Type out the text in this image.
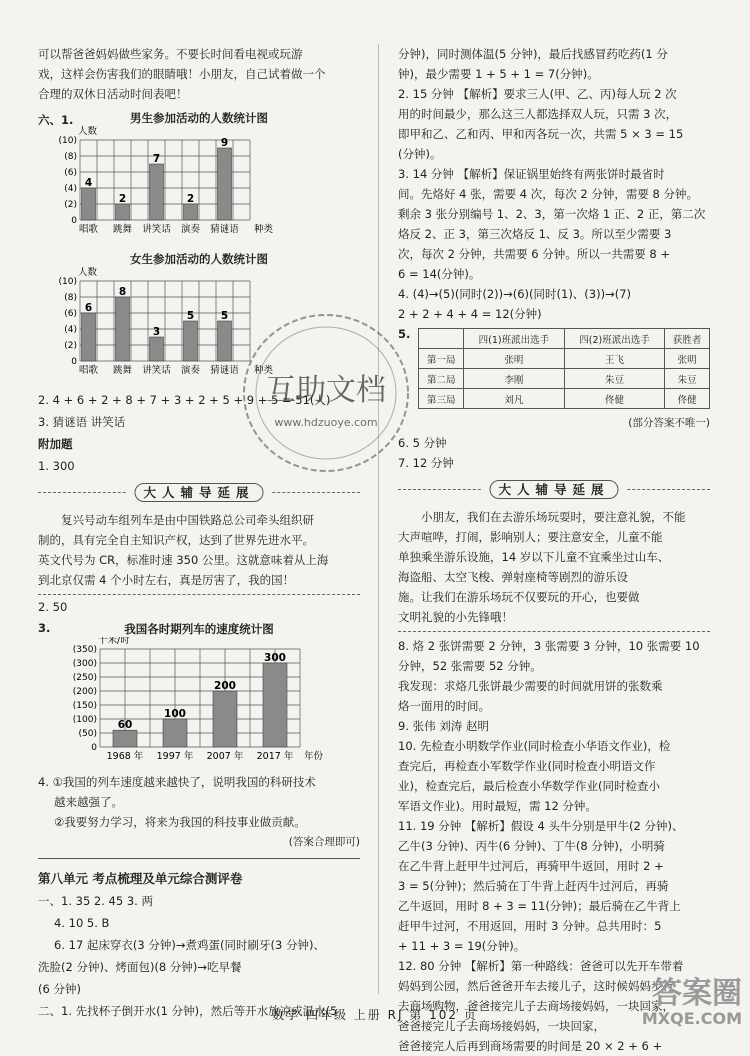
可以帮爸爸妈妈做些家务。不要长时间看电视或玩游

戏，这样会伤害我们的眼睛哦！小朋友，自己试着做一个

合理的双休日活动时间表吧！

六、1.	男生参加活动的人数统计图
人数
(10)
(8)
(6)
(4)
(2)
0
4
唱歌
2
跳舞
7
讲笑话
2
演奏
9
猜谜语 种类
女生参加活动的人数统计图
人数
(10)
(8)
(6)
(4)
(2)
0
6
唱歌
8
跳舞
3
讲笑话
5
演奏
5
猜谜语 种类

2. 4 + 6 + 2 + 8 + 7 + 3 + 2 + 5 + 9 + 5 = 51(人)

3. 猜谜语 讲笑话

附加题

1. 300

大人辅导延展

复兴号动车组列车是由中国铁路总公司牵头组织研

制的，具有完全自主知识产权，达到了世界先进水平。

英文代号为 CR，标准时速 350 公里。这就意味着从上海

到北京仅需 4 个小时左右，真是厉害了，我的国！

2. 50

3.	我国各时期列车的速度统计图
千米/时
(350)
(300)
(250)
(200)
(150)
(100)
(50)
0
60
1968 年
100
1997 年
200
2007 年
300
2017 年 年份

4. ①我国的列车速度越来越快了，说明我国的科研技术

越来越强了。

②我要努力学习，将来为我国的科技事业做贡献。

(答案合理即可)

第八单元 考点梳理及单元综合测评卷

一、1. 35 2. 45 3. 两

4. 10 5. B

6. 17 起床穿衣(3 分钟)→煮鸡蛋(同时刷牙(3 分钟)、

洗脸(2 分钟)、烤面包)(8 分钟)→吃早餐

(6 分钟)

二、1. 先找杯子倒开水(1 分钟)，然后等开水放凉成温水(5

分钟)，同时测体温(5 分钟)，最后找感冒药吃药(1 分

钟)，最少需要 1 + 5 + 1 = 7(分钟)。

2. 15 分钟 【解析】要求三人(甲、乙、丙)每人玩 2 次

用的时间最少，那么这三人都选择双人玩，只需 3 次，

即甲和乙、乙和丙、甲和丙各玩一次，共需 5 × 3 = 15

(分钟)。

3. 14 分钟 【解析】保证锅里始终有两张饼时最省时

间。先烙好 4 张，需要 4 次，每次 2 分钟，需要 8 分钟。

剩余 3 张分别编号 1、2、3，第一次烙 1 正、2 正，第二次

烙反 2、正 3，第三次烙反 1、反 3。所以至少需要 3

次，每次 2 分钟，共需要 6 分钟。所以一共需要 8 +

6 = 14(分钟)。

4. (4)→(5)(同时(2))→(6)(同时(1)、(3))→(7)

2 + 2 + 4 + 4 = 12(分钟)

5.
		四(1)班派出选手	四(2)班派出选手	获胜者
第一局	张明	王飞	张明
第二局	李刚	朱豆	朱豆
第三局	刘凡	佟健	佟健

(部分答案不唯一)

6. 5 分钟

7. 12 分钟

大人辅导延展

小朋友，我们在去游乐场玩耍时，要注意礼貌，不能

大声喧哗，打闹，影响别人；要注意安全，儿童不能

单独乘坐游乐设施，14 岁以下儿童不宜乘坐过山车、

海盗船、太空飞梭、弹射座椅等剧烈的游乐设

施。让我们在游乐场玩不仅要玩的开心，也要做

文明礼貌的小先锋哦！

8. 烙 2 张饼需要 2 分钟，3 张需要 3 分钟，10 张需要 10

分钟，52 张需要 52 分钟。

我发现：求烙几张饼最少需要的时间就用饼的张数乘

烙一面用的时间。

9. 张伟 刘涛 赵明

10. 先检查小明数学作业(同时检查小华语文作业)，检

查完后，再检查小军数学作业(同时检查小明语文作

业)，检查完后，最后检查小华数学作业(同时检查小

军语文作业)。用时最短，需 12 分钟。

11. 19 分钟 【解析】假设 4 头牛分别是甲牛(2 分钟)、

乙牛(3 分钟)、丙牛(6 分钟)、丁牛(8 分钟)，小明骑

在乙牛背上赶甲牛过河后，再骑甲牛返回，用时 2 +

3 = 5(分钟)；然后骑在丁牛背上赶丙牛过河后，再骑

乙牛返回，用时 8 + 3 = 11(分钟)；最后骑在乙牛背上

赶甲牛过河，不用返回，用时 3 分钟。总共用时：5

+ 11 + 3 = 19(分钟)。

12. 80 分钟 【解析】第一种路线：爸爸可以先开车带着

妈妈到公园，然后爸爸开车去接儿子，这时候妈妈步行

去商场购物，爸爸接完儿子去商场接妈妈，一块回家，

爸爸接完儿子去商场接妈妈，一块回家，

爸爸接完人后再到商场需要的时间是 20 × 2 + 6 +

互助文档
www.hdzuoye.com
答案圈
MXQE.COM
数学 四年级 上册 RJ 第 102 页
